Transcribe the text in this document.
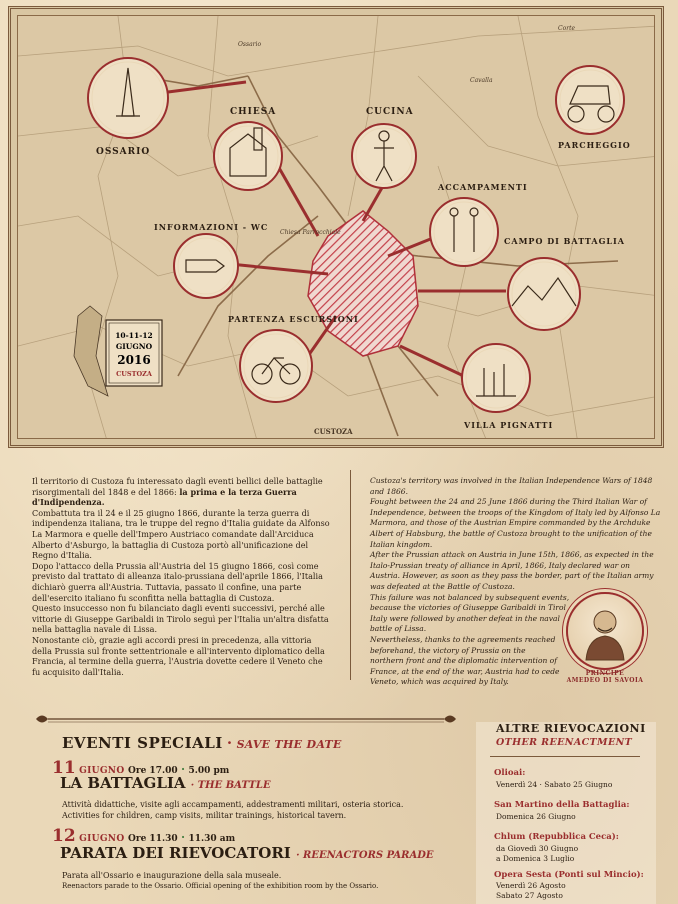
OSSARIO
CHIESA	CUCINA
PARCHEGGIO
ACCAMPAMENTI
INFORMAZIONI - WC
CAMPO DI BATTAGLIA
PARTENZA ESCURSIONI
VILLA PIGNATTI
Ossario
Chiesa Parrocchiale
CUSTOZA
Cavalla
Corte
10-11-12
GIUGNO
2016
CUSTOZA

Il territorio di Custoza fu interessato dagli eventi bellici delle battaglie risorgimentali del 1848 e del 1866: la prima e la terza Guerra d'Indipendenza.

Combattuta tra il 24 e il 25 giugno 1866, durante la terza guerra di indipendenza italiana, tra le truppe del regno d'Italia guidate da Alfonso La Marmora e quelle dell'Impero Austriaco comandate dall'Arciduca Alberto d'Asburgo, la battaglia di Custoza portò all'unificazione del Regno d'Italia.

Dopo l'attacco della Prussia all'Austria del 15 giugno 1866, così come previsto dal trattato di alleanza italo-prussiana dell'aprile 1866, l'Italia dichiarò guerra all'Austria. Tuttavia, passato il confine, una parte dell'esercito italiano fu sconfitta nella battaglia di Custoza.

Questo insuccesso non fu bilanciato dagli eventi successivi, perché alle vittorie di Giuseppe Garibaldi in Tirolo seguì per l'Italia un'altra disfatta nella battaglia navale di Lissa.

Nonostante ciò, grazie agli accordi presi in precedenza, alla vittoria della Prussia sul fronte settentrionale e all'intervento diplomatico della Francia, al termine della guerra, l'Austria dovette cedere il Veneto che fu acquisito dall'Italia.

Custoza's territory was involved in the Italian Independence Wars of 1848 and 1866.

Fought between the 24 and 25 June 1866 during the Third Italian War of Independence, between the troops of the Kingdom of Italy led by Alfonso La Marmora, and those of the Austrian Empire commanded by the Archduke Albert of Habsburg, the battle of Custoza brought to the unification of the Italian kingdom.

After the Prussian attack on Austria in June 15th, 1866, as expected in the Italo-Prussian treaty of alliance in April, 1866, Italy declared war on Austria. However, as soon as they pass the border, part of the Italian army was defeated at the Battle of Custoza.

This failure was not balanced by subsequent events, because the victories of Giuseppe Garibaldi in Tirol Italy were followed by another defeat in the naval battle of Lissa.

Nevertheless, thanks to the agreements reached beforehand, the victory of Prussia on the northern front and the diplomatic intervention of France, at the end of the war, Austria had to cede Veneto, which was acquired by Italy.

PRINCIPE
AMEDEO DI SAVOIA
EVENTI SPECIALI · SAVE THE DATE
11 GIUGNO Ore 17.00 · 5.00 pm
LA BATTAGLIA · THE BATTLE
Attività didattiche, visite agli accampamenti, addestramenti militari, osteria storica.
Activities for children, camp visits, militar trainings, historical tavern.
12 GIUGNO Ore 11.30 · 11.30 am
PARATA DEI RIEVOCATORI · REENACTORS PARADE
Parata all'Ossario e inaugurazione della sala museale.
Reenactors parade to the Ossario. Official opening of the exhibition room by the Ossario.
ALTRE RIEVOCAZIONI
OTHER REENACTMENT
Olioai:
Venerdì 24 · Sabato 25 Giugno
San Martino della Battaglia:
Domenica 26 Giugno
Chlum (Repubblica Ceca):
da Giovedì 30 Giugno
a Domenica 3 Luglio
Opera Sesta (Ponti sul Mincio):
Venerdì 26 Agosto
Sabato 27 Agosto
